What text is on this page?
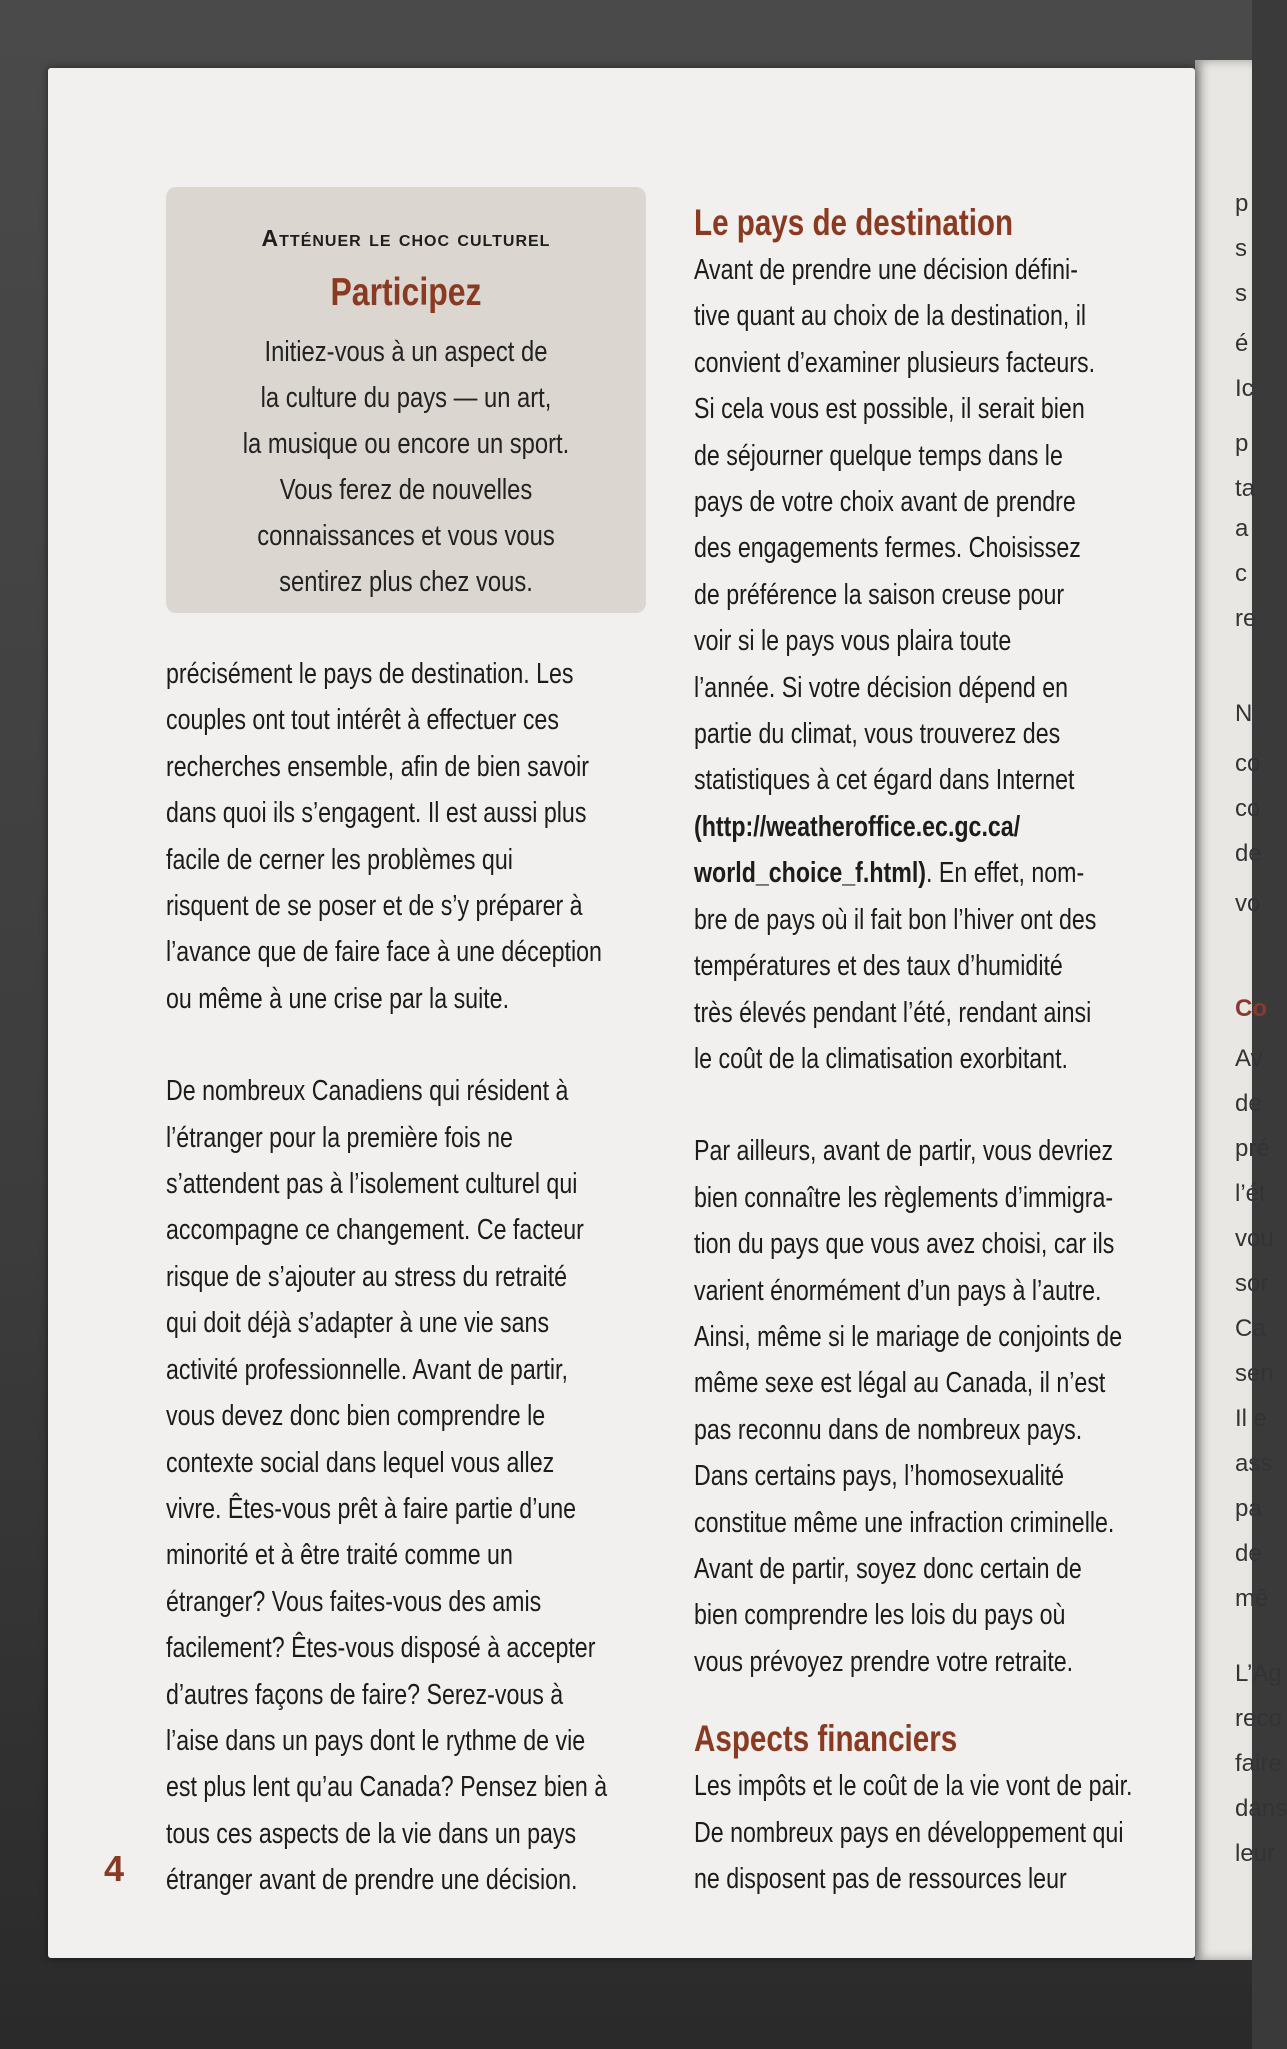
p
s
s
é
Ic
p
ta
a
c
re
N
co
co
de
vo
Co
Av
de
pré
l’ét
vou
sor
Ca
sen
Il e
ass
pa
de
mê
L’Ag
reco
faire
dans
leur
Atténuer le choc culturel
Participez
Initiez-vous à un aspect de
la culture du pays — un art,
la musique ou encore un sport.
Vous ferez de nouvelles
connaissances et vous vous
sentirez plus chez vous.
précisément le pays de destination. Les
couples ont tout intérêt à effectuer ces
recherches ensemble, afin de bien savoir
dans quoi ils s’engagent. Il est aussi plus
facile de cerner les problèmes qui
risquent de se poser et de s’y préparer à
l’avance que de faire face à une déception
ou même à une crise par la suite.
De nombreux Canadiens qui résident à
l’étranger pour la première fois ne
s’attendent pas à l’isolement culturel qui
accompagne ce changement. Ce facteur
risque de s’ajouter au stress du retraité
qui doit déjà s’adapter à une vie sans
activité professionnelle. Avant de partir,
vous devez donc bien comprendre le
contexte social dans lequel vous allez
vivre. Êtes-vous prêt à faire partie d’une
minorité et à être traité comme un
étranger? Vous faites-vous des amis
facilement? Êtes-vous disposé à accepter
d’autres façons de faire? Serez-vous à
l’aise dans un pays dont le rythme de vie
est plus lent qu’au Canada? Pensez bien à
tous ces aspects de la vie dans un pays
étranger avant de prendre une décision.
Le pays de destination
Avant de prendre une décision défini-
tive quant au choix de la destination, il
convient d’examiner plusieurs facteurs.
Si cela vous est possible, il serait bien
de séjourner quelque temps dans le
pays de votre choix avant de prendre
des engagements fermes. Choisissez
de préférence la saison creuse pour
voir si le pays vous plaira toute
l’année. Si votre décision dépend en
partie du climat, vous trouverez des
statistiques à cet égard dans Internet
(http://weatheroffice.ec.gc.ca/
world_choice_f.html). En effet, nom-
bre de pays où il fait bon l’hiver ont des
températures et des taux d’humidité
très élevés pendant l’été, rendant ainsi
le coût de la climatisation exorbitant.
Par ailleurs, avant de partir, vous devriez
bien connaître les règlements d’immigra-
tion du pays que vous avez choisi, car ils
varient énormément d’un pays à l’autre.
Ainsi, même si le mariage de conjoints de
même sexe est légal au Canada, il n’est
pas reconnu dans de nombreux pays.
Dans certains pays, l’homosexualité
constitue même une infraction criminelle.
Avant de partir, soyez donc certain de
bien comprendre les lois du pays où
vous prévoyez prendre votre retraite.
Aspects financiers
Les impôts et le coût de la vie vont de pair.
De nombreux pays en développement qui
ne disposent pas de ressources leur
4
